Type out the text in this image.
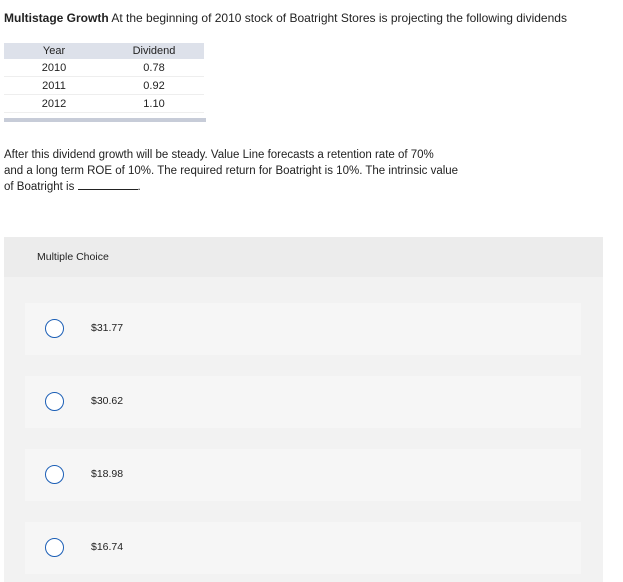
Multistage Growth At the beginning of 2010 stock of Boatright Stores is projecting the following dividends
Year	Dividend
2010	0.78
2011	0.92
2012	1.10
After this dividend growth will be steady. Value Line forecasts a retention rate of 70%
and a long term ROE of 10%. The required return for Boatright is 10%. The intrinsic value
of Boatright is	.
Multiple Choice
$31.77
$30.62
$18.98
$16.74
